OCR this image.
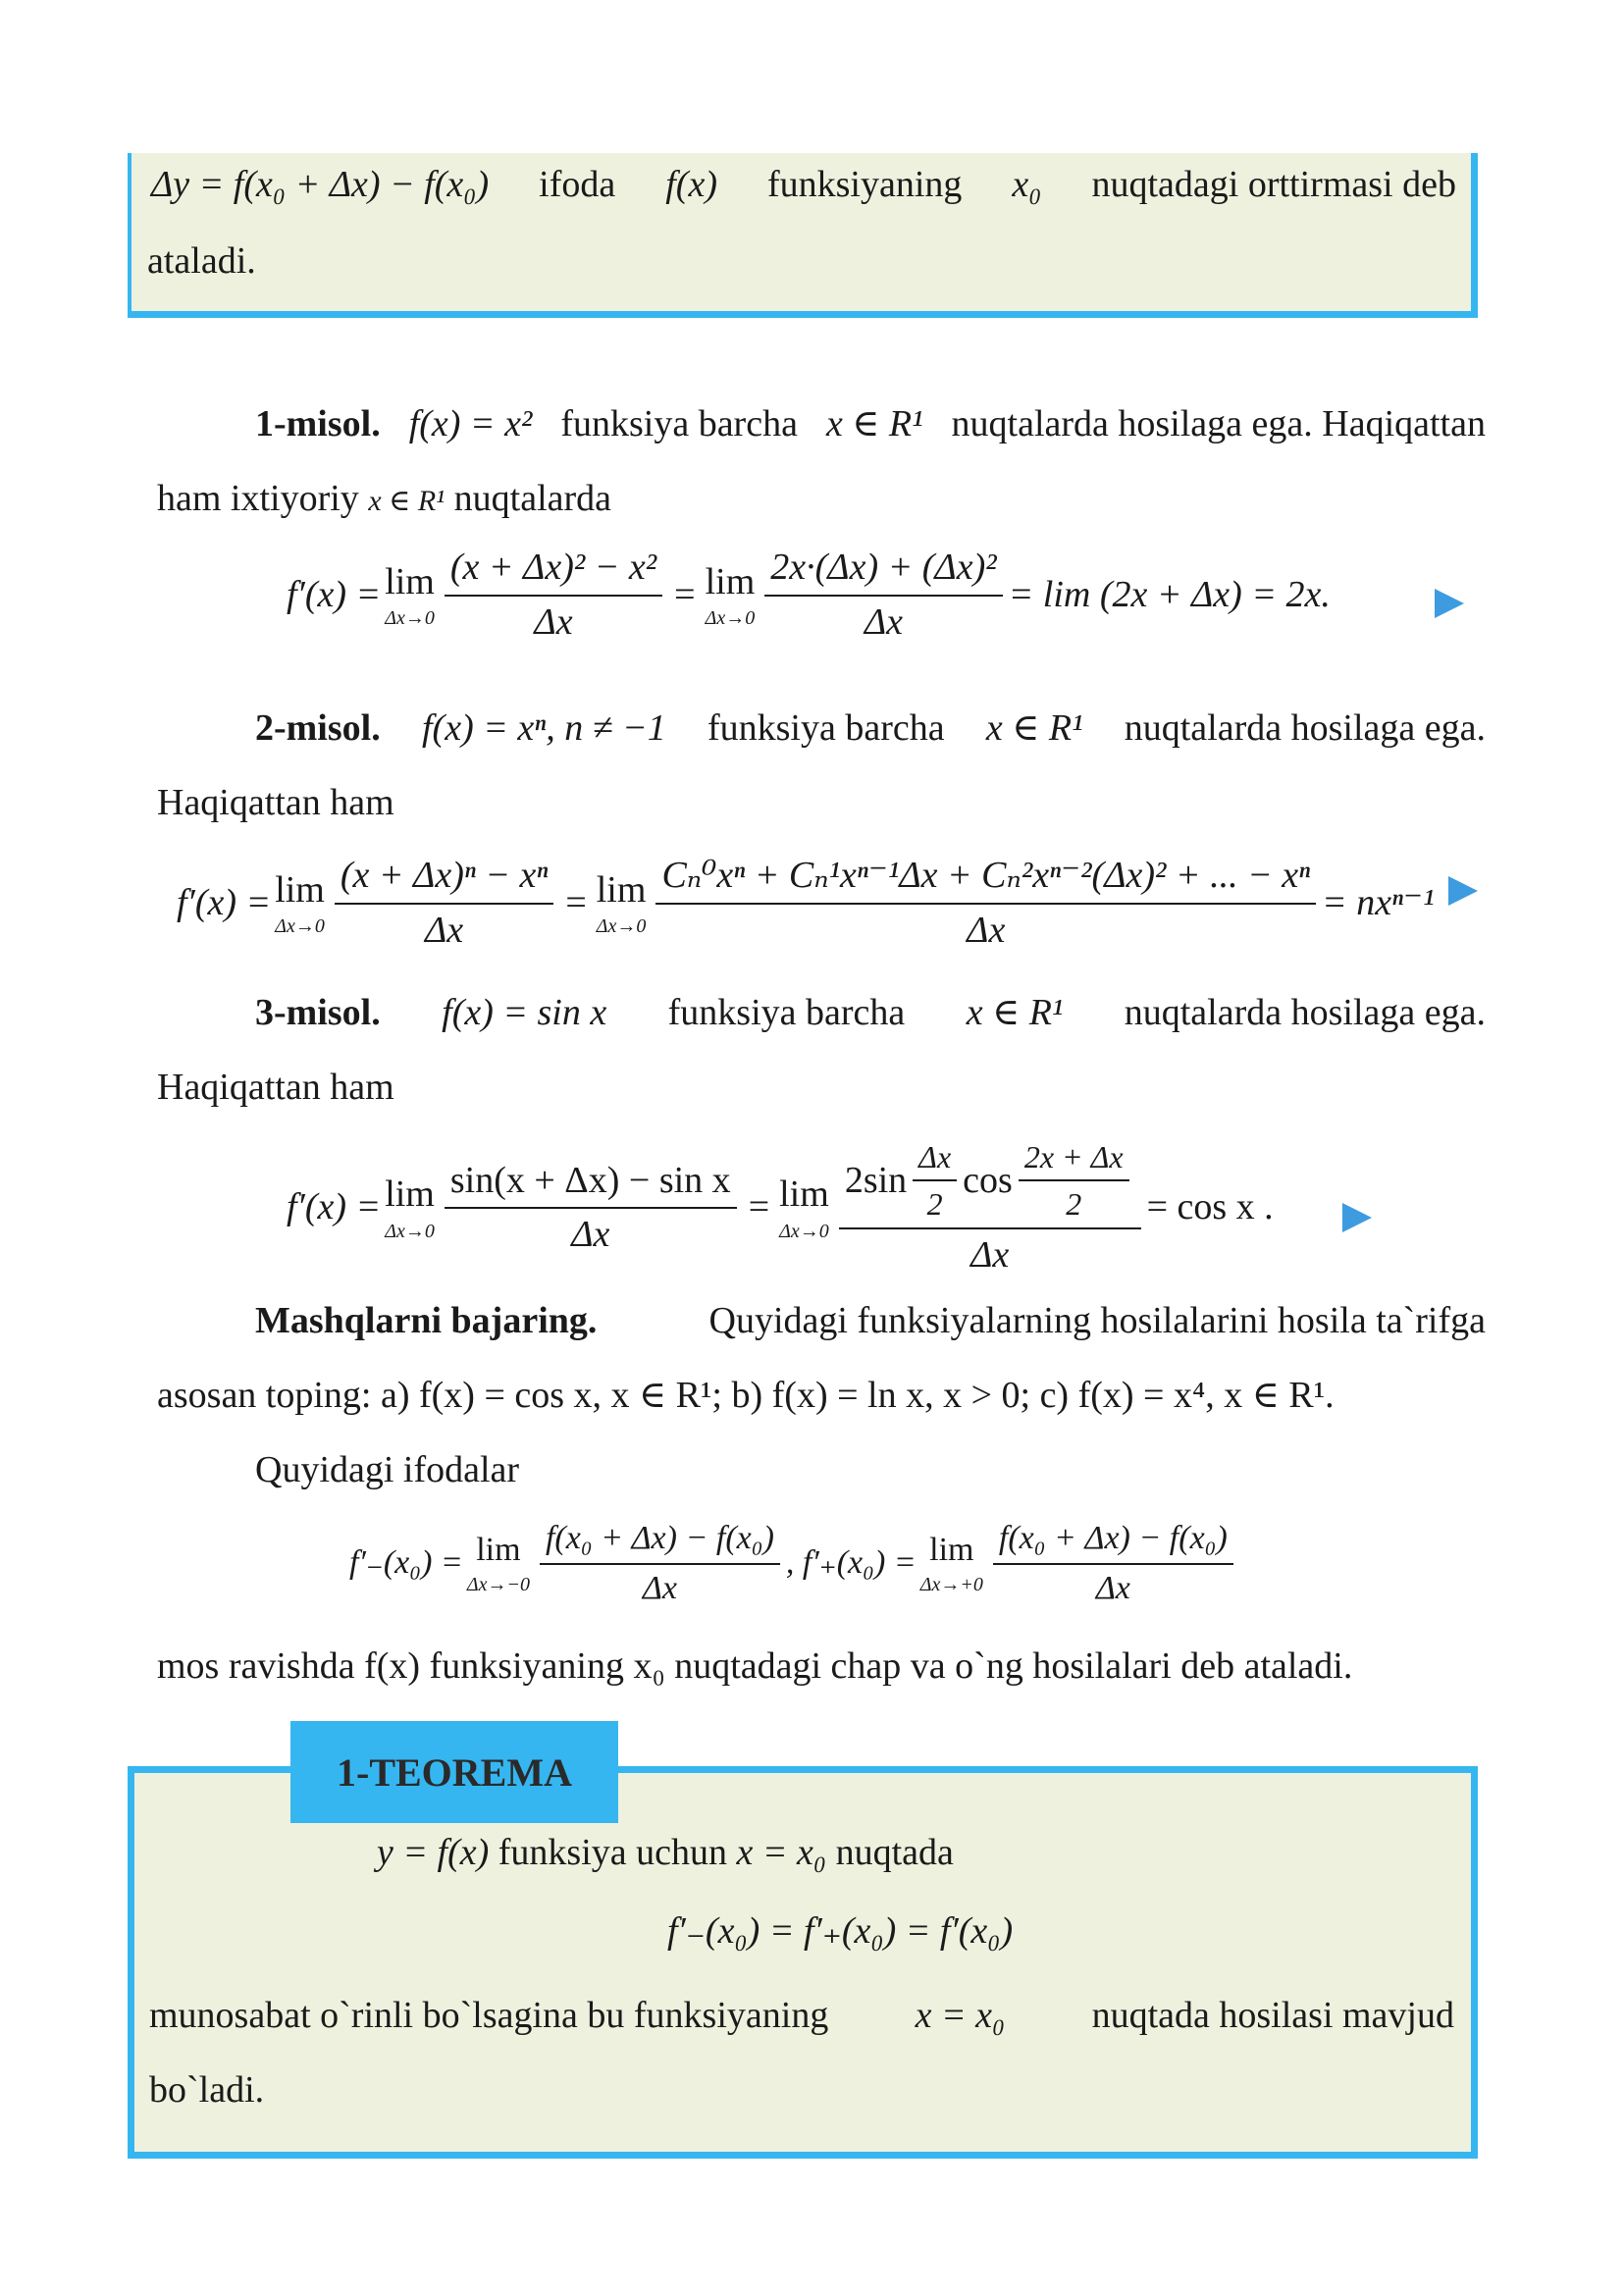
Δy = f(x₀ + Δx) − f(x₀) ifoda f(x) funksiyaning x₀ nuqtadagi orttirmasi deb
ataladi.
1-misol. f(x) = x² funksiya barcha x ∈ R¹ nuqtalarda hosilaga ega. Haqiqattan
ham ixtiyoriy x ∈ R¹ nuqtalarda
f′(x) = lim
$\Delta x\to 0 \frac{\text{(x + Δx)² − x²}}{\Delta x} = \lim$
$\Delta x\to 0 \frac{\text{2x·(Δx) + (Δx)²}}{\Delta x} = \lim (2x + \Delta x) = 2x$.
2-misol. f(x) = xⁿ, n ≠ −1 funksiya barcha x ∈ R¹ nuqtalarda hosilaga ega.
Haqiqattan ham
f′(x) = lim
$\Delta x\to 0 \frac{\text{(x + Δx)ⁿ − xⁿ}}{\Delta x} = \lim$
$\Delta x\to 0 \frac{\text{Cₙ⁰xⁿ + Cₙ¹xⁿ⁻¹Δx + Cₙ²xⁿ⁻²(Δx)² + ... − xⁿ}}{\Delta x} = nx^{n-1}$
3-misol. f(x) = sin x funksiya barcha x ∈ R¹ nuqtalarda hosilaga ega.
Haqiqattan ham
f′(x) = lim
$\Delta x\to 0 \frac{\text{sin(x + Δx) − sin x}}{\Delta x} = \lim$
$\Delta x\to 0 \frac{2\sin \frac{\Delta x}{2} \cos \frac{2x + \Delta x}{2}}{\Delta x} = \cos x$ .
Mashqlarni bajaring.	Quyidagi funksiyalarning hosilalarini hosila ta`rifga
asosan toping: a) f(x) = cos x, x ∈ R¹; b) f(x) = ln x, x > 0; c) f(x) = x⁴, x ∈ R¹.
Quyidagi ifodalar
f′₋(x₀) = lim
$\Delta x\to-0 \frac{\text{f(x₀ + Δx) − f(x₀)}}{\Delta x}$ , f′₊(x₀) = lim
$\Delta x\to+0 \frac{\text{f(x₀ + Δx) − f(x₀)}}{\Delta x}$
mos ravishda f(x) funksiyaning x₀ nuqtadagi chap va o`ng hosilalari deb ataladi.
1-TEOREMA
y = f(x) funksiya uchun x = x₀ nuqtada
f′₋(x₀) = f′₊(x₀) = f′(x₀)
munosabat o`rinli bo`lsagina bu funksiyaning x = x₀ nuqtada hosilasi mavjud
bo`ladi.
